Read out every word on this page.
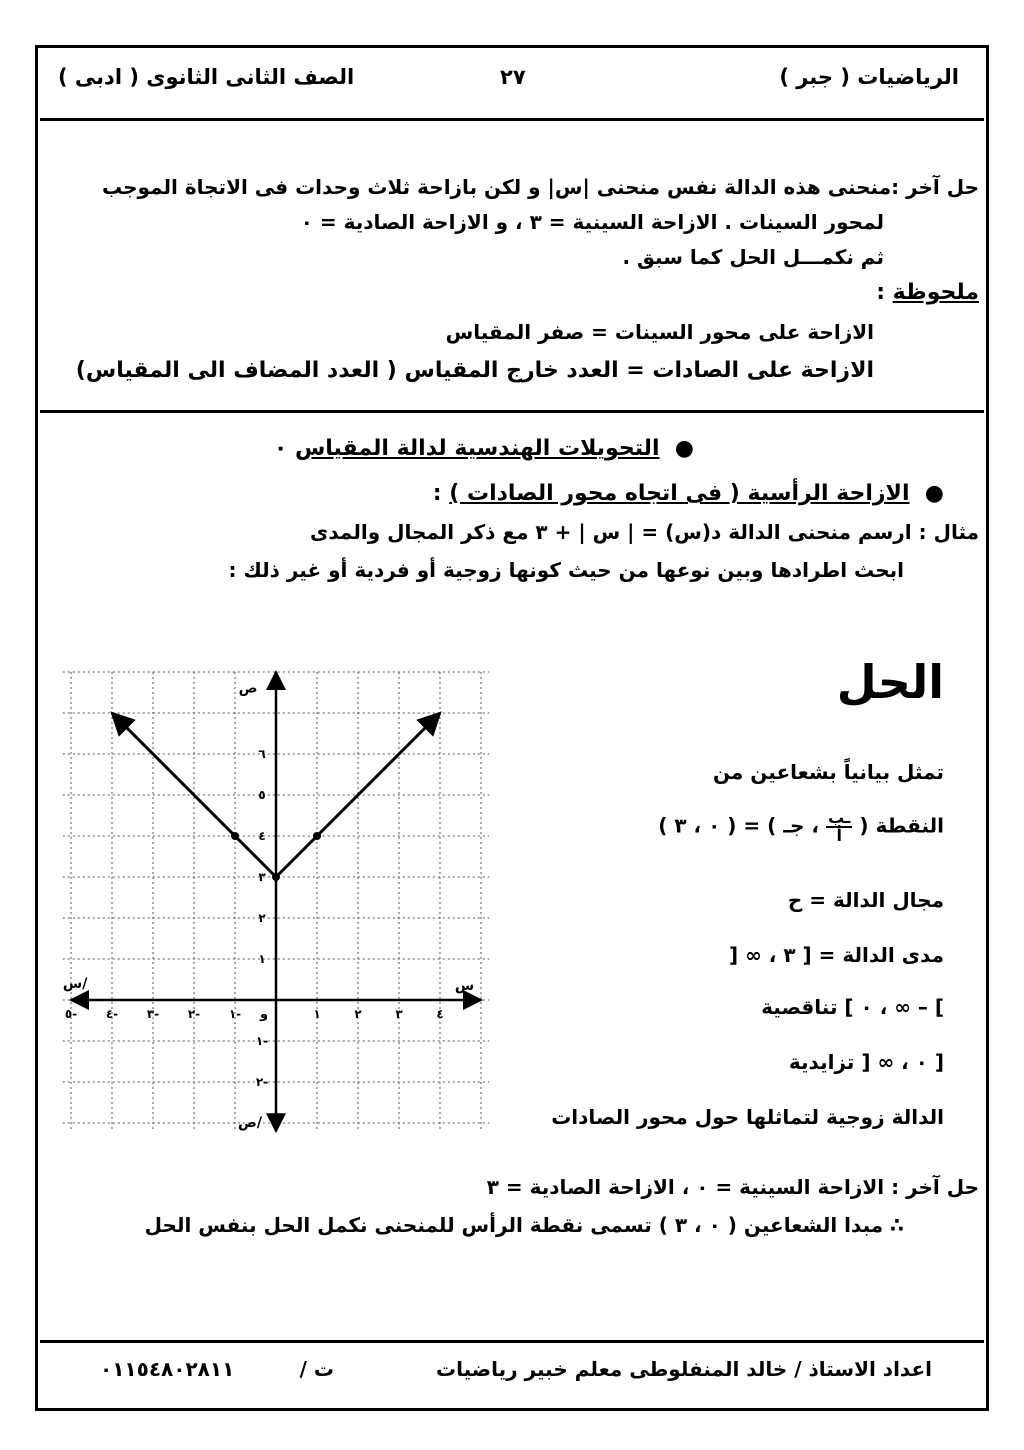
الرياضيات ( جبر )
٢٧
الصف الثانى الثانوى ( ادبى )
حل آخر :منحنى هذه الدالة نفس منحنى |س| و لكن بازاحة ثلاث وحدات فى الاتجاة الموجب
لمحور السينات . الازاحة السينية = ٣ ، و الازاحة الصادية = ٠
ثم نكمـــل الحل كما سبق .
ملحوظة :
الازاحة على محور السينات = صفر المقياس
الازاحة على الصادات = العدد خارج المقياس ( العدد المضاف الى المقياس)
●  التحويلات الهندسية لدالة المقياس ٠
●  الازاحة الرأسية ( فى اتجاه محور الصادات ) :
مثال : ارسم منحنى الدالة د(س) = | س | + ٣ مع ذكر المجال والمدى
ابحث اطرادها وبين نوعها من حيث كونها زوجية أو فردية أو غير ذلك :
٥- ٤- ٣- ٢- ١-	١	٢	٣	٤
٦
٥
٤
٣
٢
١
١-
٢-
ص
س
س/
ص/
و
الحل
تمثل بيانياً بشعاعين من
النقطة (
$\frac{\text{ـب}}{\text{أ}}$
، جـ ) = ( ٠ ، ٣ )
مجال الدالة = ح
مدى الدالة = [ ٣ ، ∞ [
] – ∞ ، ٠ ] تناقصية
[ ٠ ، ∞ [ تزايدية
الدالة زوجية لتماثلها حول محور الصادات
حل آخر : الازاحة السينية = ٠ ، الازاحة الصادية = ٣
∴ مبدا الشعاعين ( ٠ ، ٣ ) تسمى نقطة الرأس للمنحنى نكمل الحل بنفس الحل
اعداد الاستاذ / خالد المنفلوطى معلم خبير رياضيات
ت /
٠١١٥٤٨٠٢٨١١
